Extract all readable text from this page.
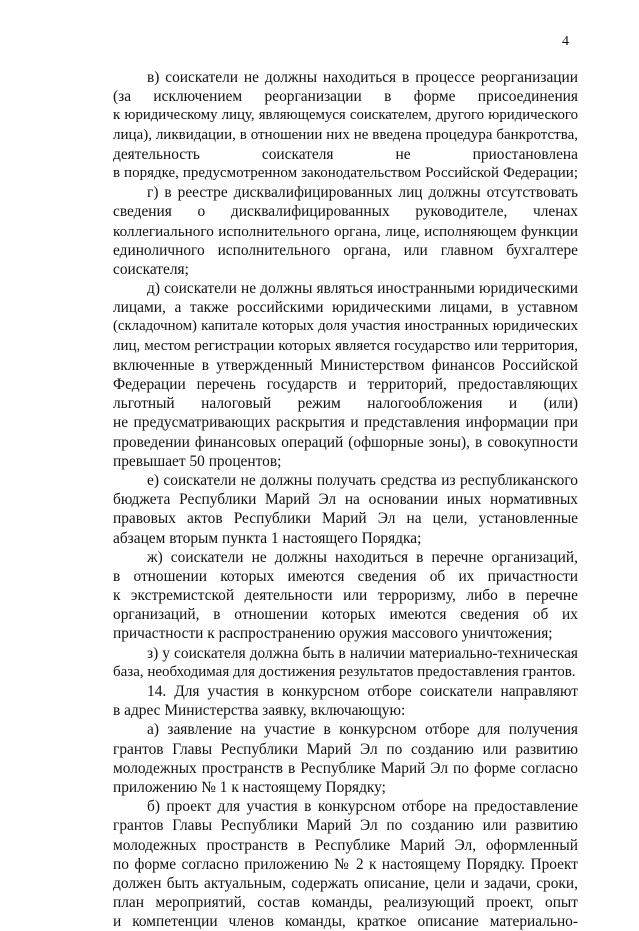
4
в) соискатели не должны находиться в процессе реорганизации
(за исключением реорганизации в форме присоединения
к юридическому лицу, являющемуся соискателем, другого юридического
лица), ликвидации, в отношении них не введена процедура банкротства,
деятельность соискателя не приостановлена
в порядке, предусмотренном законодательством Российской Федерации;
г) в реестре дисквалифицированных лиц должны отсутствовать
сведения о дисквалифицированных руководителе, членах
коллегиального исполнительного органа, лице, исполняющем функции
единоличного исполнительного органа, или главном бухгалтере
соискателя;
д) соискатели не должны являться иностранными юридическими
лицами, а также российскими юридическими лицами, в уставном
(складочном) капитале которых доля участия иностранных юридических
лиц, местом регистрации которых является государство или территория,
включенные в утвержденный Министерством финансов Российской
Федерации перечень государств и территорий, предоставляющих
льготный налоговый режим налогообложения и (или)
не предусматривающих раскрытия и представления информации при
проведении финансовых операций (офшорные зоны), в совокупности
превышает 50 процентов;
е) соискатели не должны получать средства из республиканского
бюджета Республики Марий Эл на основании иных нормативных
правовых актов Республики Марий Эл на цели, установленные
абзацем вторым пункта 1 настоящего Порядка;
ж) соискатели не должны находиться в перечне организаций,
в отношении которых имеются сведения об их причастности
к экстремистской деятельности или терроризму, либо в перечне
организаций, в отношении которых имеются сведения об их
причастности к распространению оружия массового уничтожения;
з) у соискателя должна быть в наличии материально-техническая
база, необходимая для достижения результатов предоставления грантов.
14. Для участия в конкурсном отборе соискатели направляют
в адрес Министерства заявку, включающую:
а) заявление на участие в конкурсном отборе для получения
грантов Главы Республики Марий Эл по созданию или развитию
молодежных пространств в Республике Марий Эл по форме согласно
приложению № 1 к настоящему Порядку;
б) проект для участия в конкурсном отборе на предоставление
грантов Главы Республики Марий Эл по созданию или развитию
молодежных пространств в Республике Марий Эл, оформленный
по форме согласно приложению № 2 к настоящему Порядку. Проект
должен быть актуальным, содержать описание, цели и задачи, сроки,
план мероприятий, состав команды, реализующий проект, опыт
и компетенции членов команды, краткое описание материально-
